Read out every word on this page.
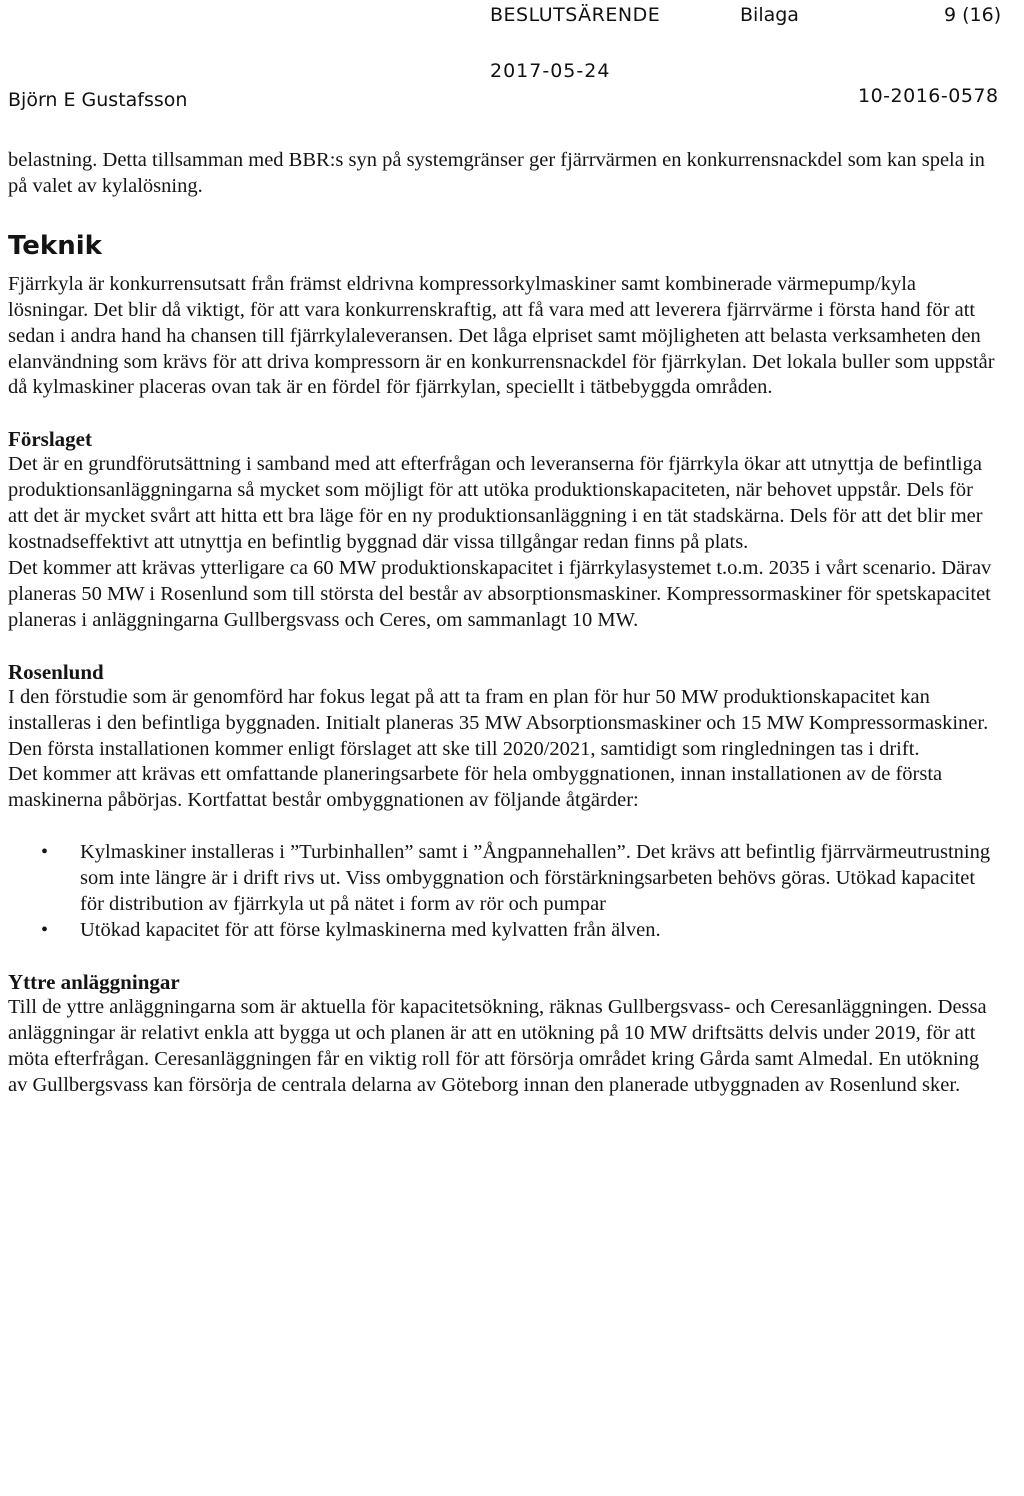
BESLUTSÄRENDE	Bilaga	9 (16)
2017-05-24
Björn E Gustafsson	10-2016-0578

belastning. Detta tillsamman med BBR:s syn på systemgränser ger fjärrvärmen en konkurrensnackdel som kan spela in på valet av kylalösning.

Teknik

Fjärrkyla är konkurrensutsatt från främst eldrivna kompressorkylmaskiner samt kombinerade värmepump/kyla lösningar. Det blir då viktigt, för att vara konkurrenskraftig, att få vara med att leverera fjärrvärme i första hand för att sedan i andra hand ha chansen till fjärrkylaleveransen. Det låga elpriset samt möjligheten att belasta verksamheten den elanvändning som krävs för att driva kompressorn är en konkurrensnackdel för fjärrkylan. Det lokala buller som uppstår då kylmaskiner placeras ovan tak är en fördel för fjärrkylan, speciellt i tätbebyggda områden.

Förslaget

Det är en grundförutsättning i samband med att efterfrågan och leveranserna för fjärrkyla ökar att utnyttja de befintliga produktionsanläggningarna så mycket som möjligt för att utöka produktionskapaciteten, när behovet uppstår. Dels för att det är mycket svårt att hitta ett bra läge för en ny produktionsanläggning i en tät stadskärna. Dels för att det blir mer kostnadseffektivt att utnyttja en befintlig byggnad där vissa tillgångar redan finns på plats.

Det kommer att krävas ytterligare ca 60 MW produktionskapacitet i fjärrkylasystemet t.o.m. 2035 i vårt scenario. Därav planeras 50 MW i Rosenlund som till största del består av absorptionsmaskiner. Kompressormaskiner för spetskapacitet planeras i anläggningarna Gullbergsvass och Ceres, om sammanlagt 10 MW.

Rosenlund

I den förstudie som är genomförd har fokus legat på att ta fram en plan för hur 50 MW produktionskapacitet kan installeras i den befintliga byggnaden. Initialt planeras 35 MW Absorptionsmaskiner och 15 MW Kompressormaskiner. Den första installationen kommer enligt förslaget att ske till 2020/2021, samtidigt som ringledningen tas i drift.

Det kommer att krävas ett omfattande planeringsarbete för hela ombyggnationen, innan installationen av de första maskinerna påbörjas. Kortfattat består ombyggnationen av följande åtgärder:

• Kylmaskiner installeras i ”Turbinhallen” samt i ”Ångpannehallen”. Det krävs att befintlig fjärrvärmeutrustning som inte längre är i drift rivs ut. Viss ombyggnation och förstärkningsarbeten behövs göras. Utökad kapacitet för distribution av fjärrkyla ut på nätet i form av rör och pumpar
• Utökad kapacitet för att förse kylmaskinerna med kylvatten från älven.
Yttre anläggningar

Till de yttre anläggningarna som är aktuella för kapacitetsökning, räknas Gullbergsvass- och Ceresanläggningen. Dessa anläggningar är relativt enkla att bygga ut och planen är att en utökning på 10 MW driftsätts delvis under 2019, för att möta efterfrågan. Ceresanläggningen får en viktig roll för att försörja området kring Gårda samt Almedal. En utökning av Gullbergsvass kan försörja de centrala delarna av Göteborg innan den planerade utbyggnaden av Rosenlund sker.
